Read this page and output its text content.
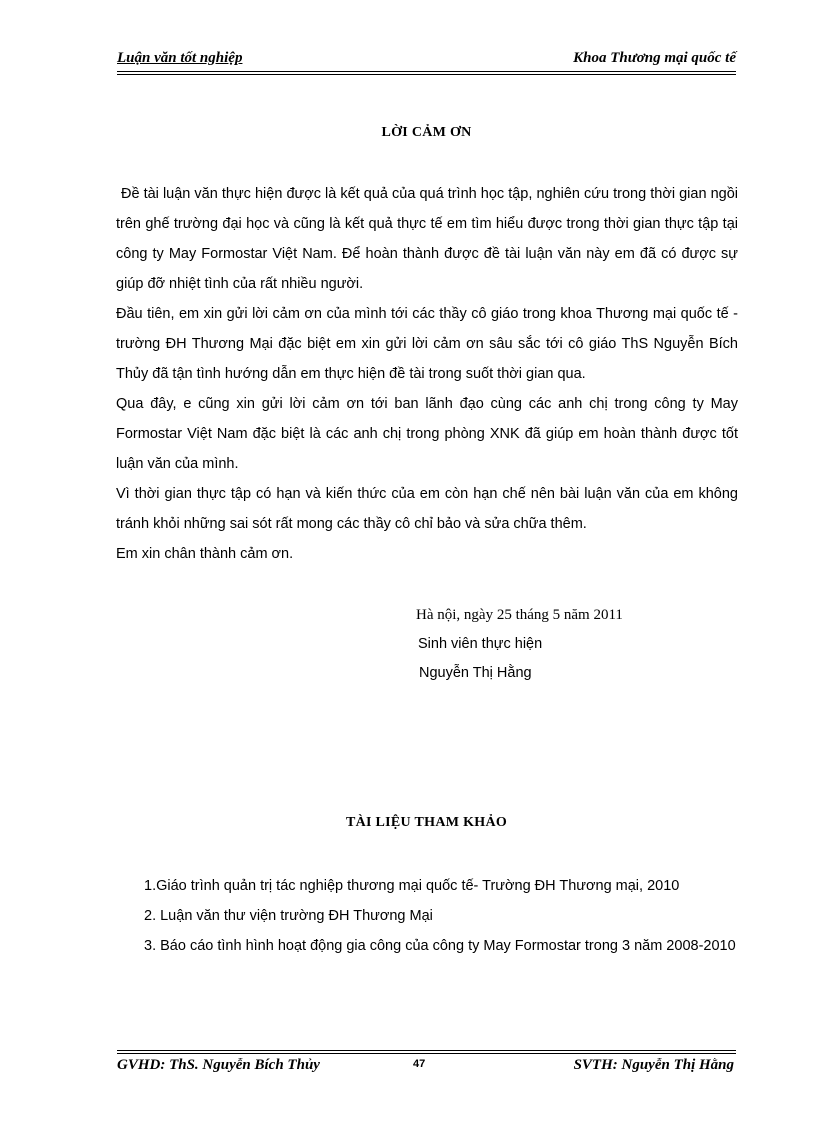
Luận văn tốt nghiệp	Khoa Thương mại quốc tế
LỜI CẢM ƠN

Đề tài luận văn thực hiện được là kết quả của quá trình học tập, nghiên cứu trong thời gian ngồi trên ghế trường đại học và cũng là kết quả thực tế em tìm hiểu được trong thời gian thực tập tại công ty May Formostar Việt Nam. Để hoàn thành được đề tài luận văn này em đã có được sự giúp đỡ nhiệt tình của rất nhiều người.

Đầu tiên, em xin gửi lời cảm ơn của mình tới các thầy cô giáo trong khoa Thương mại quốc tế - trường ĐH Thương Mại đặc biệt em xin gửi lời cảm ơn sâu sắc tới cô giáo ThS Nguyễn Bích Thủy đã tận tình hướng dẫn em thực hiện đề tài trong suốt thời gian qua.

Qua đây, e cũng xin gửi lời cảm ơn tới ban lãnh đạo cùng các anh chị trong công ty May Formostar Việt Nam đặc biệt là các anh chị trong phòng XNK đã giúp em hoàn thành được tốt luận văn của mình.

Vì thời gian thực tập có hạn và kiến thức của em còn hạn chế nên bài luận văn của em không tránh khỏi những sai sót rất mong các thầy cô chỉ bảo và sửa chữa thêm.

Em xin chân thành cảm ơn.

Hà nội, ngày 25 tháng 5 năm 2011
Sinh viên thực hiện
Nguyễn Thị Hằng
TÀI LIỆU THAM KHẢO

1.Giáo trình quản trị tác nghiệp thương mại quốc tế- Trường ĐH Thương mại, 2010

2. Luận văn thư viện trường ĐH Thương Mại

3. Báo cáo tình hình hoạt động gia công của công ty May Formostar trong 3 năm 2008-2010

GVHD: ThS. Nguyễn Bích Thủy	47	SVTH: Nguyễn Thị Hằng
